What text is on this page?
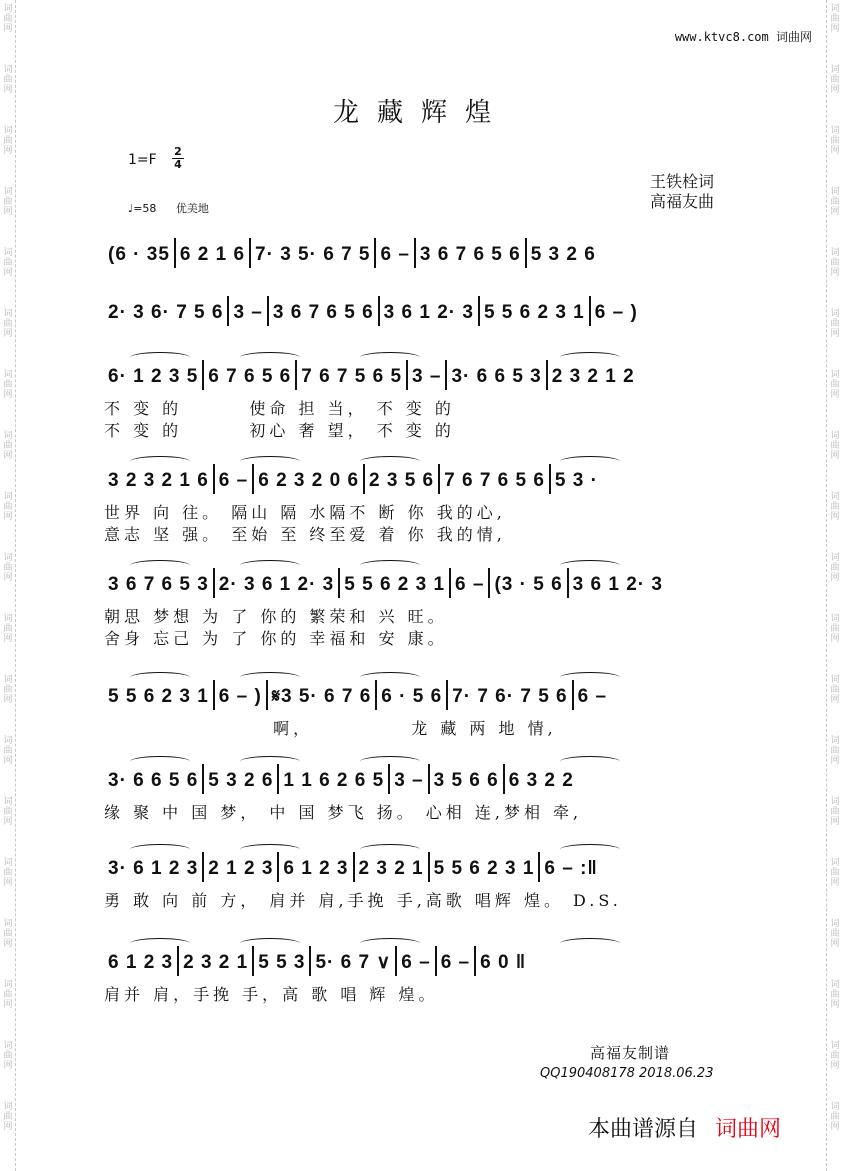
词
曲
网
词
曲
网
词
曲
网
词
曲
网
词
曲
网
词
曲
网
词
曲
网
词
曲
网
词
曲
网
词
曲
网
词
曲
网
词
曲
网
词
曲
网
词
曲
网
词
曲
网
词
曲
网
词
曲
网
词
曲
网
词
曲
网
词
曲
网
词
曲
网
词
曲
网
词
曲
网
词
曲
网
词
曲
网
词
曲
网
词
曲
网
词
曲
网
词
曲
网
词
曲
网
词
曲
网
词
曲
网
词
曲
网
词
曲
网
词
曲
网
词
曲
网
词
曲
网
词
曲
网
www.ktvc8.com 词曲网
龙藏辉煌
1=F
2
4
♩=58 优美地
王铁栓词
高福友曲
(6 · 35 6 2 1 6 7· 3 5· 6 7 5 6 – 3 6 7 6 5 6 5 3 2 6
2· 3 6· 7 5 6 3 – 3 6 7 6 5 6 3 6 1 2· 3 5 5 6 2 3 1 6 – )
6· 1 2 3 5 6 7 6 5 6 7 6 7 5 6 5 3 – 3· 6 6 5 3 2 3 2 1 2
不 变 的 　 　 使命 担 当， 不 变 的
不 变 的 　 　 初心 奢 望， 不 变 的
3 2 3 2 1 6 6 – 6 2 3 2 0 6 2 3 5 6 7 6 7 6 5 6 5 3 ·
世界 向 往。 隔山 隔 水隔不 断 你 我的心,
意志 坚 强。 至始 至 终至爱 着 你 我的情,
3 6 7 6 5 3 2· 3 6 1 2· 3 5 5 6 2 3 1 6 – (3 · 5 6 3 6 1 2· 3
朝思 梦想 为 了 你的 繁荣和 兴 旺。
舍身 忘己 为 了 你的 幸福和 安 康。
5 5 6 2 3 1 6 – ) 𝄋3 5· 6 7 6 6 · 5 6 7· 7 6· 7 5 6 6 –
　　　　　　　　 啊， 　　　　 龙 藏 两 地 情,
3· 6 6 5 6 5 3 2 6 1 1 6 2 6 5 3 – 3 5 6 6 6 3 2 2
缘 聚 中 国 梦， 中 国 梦飞 扬。 心相 连,梦相 牵,
3· 6 1 2 3 2 1 2 3 6 1 2 3 2 3 2 1 5 5 6 2 3 1 6 – :‖
勇 敢 向 前 方， 肩并 肩,手挽 手,高歌 唱辉 煌。 D.S.
6 1 2 3 2 3 2 1 5 5 3 5· 6 7 ∨ 6 – 6 – 6 0 ‖
肩并 肩，手挽 手，高 歌 唱 辉 煌。
高福友制谱
QQ190408178 2018.06.23
本曲谱源自 词曲网
